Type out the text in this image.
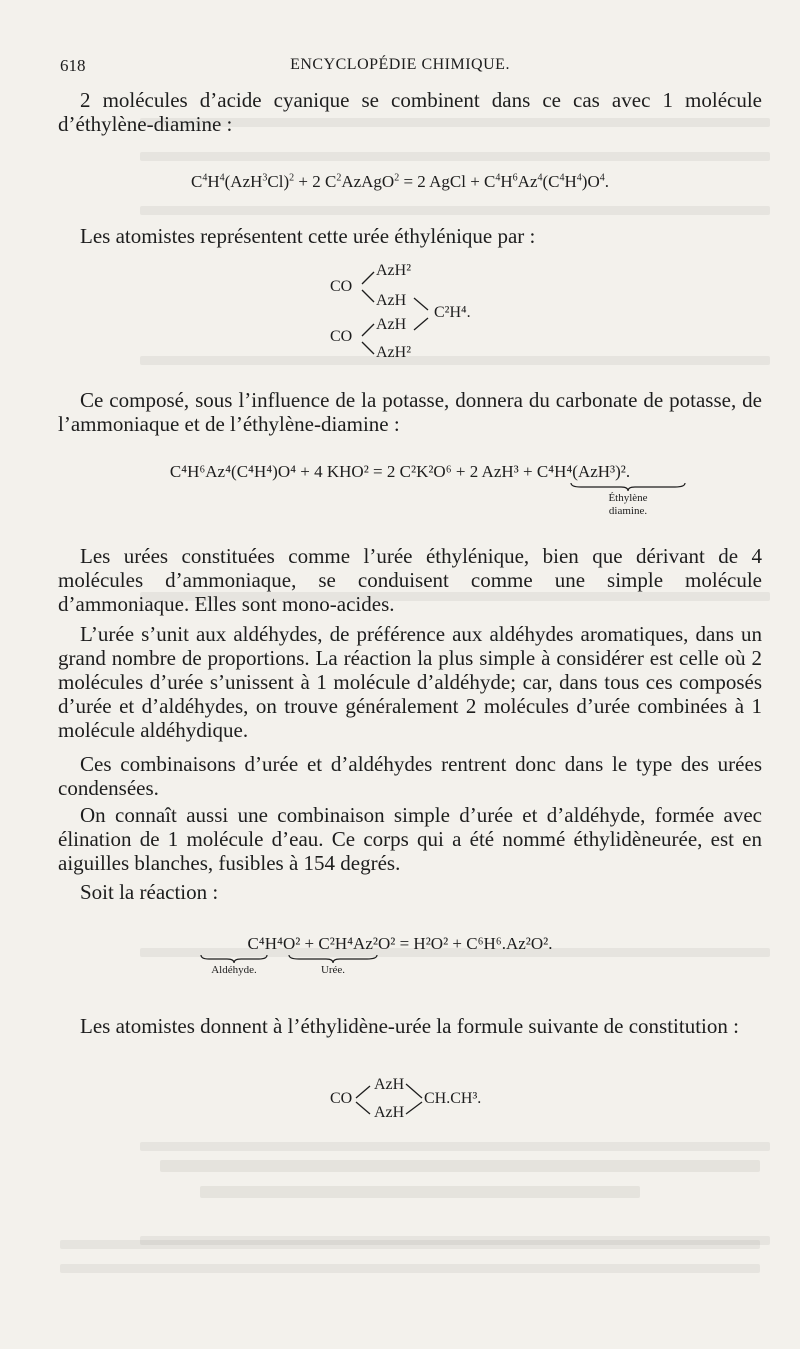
618	ENCYCLOPÉDIE CHIMIQUE.
2 molécules d’acide cyanique se combinent dans ce cas avec 1 molécule d’éthylène-diamine :
$C^4H^4(AzH^3Cl)^2 + 2$ $C^2AzAgO^2 = 2$ AgCl + $C^4H^6Az^4(C^4H^4)O^4$.
Les atomistes représentent cette urée éthylénique par :
CO
CO
AzH²
AzH
AzH
AzH²
C²H⁴.
Ce composé, sous l’influence de la potasse, donnera du carbonate de potasse, de l’ammoniaque et de l’éthylène-diamine :
C⁴H⁶Az⁴(C⁴H⁴)O⁴ + 4 KHO² = 2 C²K²O⁶ + 2 AzH³ + C⁴H⁴(AzH³)².
Éthylène
diamine.
Les urées constituées comme l’urée éthylénique, bien que dérivant de 4 molécules d’ammoniaque, se conduisent comme une simple molécule d’ammoniaque. Elles sont mono-acides.
L’urée s’unit aux aldéhydes, de préférence aux aldéhydes aromatiques, dans un grand nombre de proportions. La réaction la plus simple à considérer est celle où 2 molécules d’urée s’unissent à 1 molécule d’aldéhyde; car, dans tous ces composés d’urée et d’aldéhydes, on trouve généralement 2 molécules d’urée combinées à 1 molécule aldéhydique.
Ces combinaisons d’urée et d’aldéhydes rentrent donc dans le type des urées condensées.
On connaît aussi une combinaison simple d’urée et d’aldéhyde, formée avec élination de 1 molécule d’eau. Ce corps qui a été nommé éthylidèneurée, est en aiguilles blanches, fusibles à 154 degrés.
Soit la réaction :
C⁴H⁴O² + C²H⁴Az²O² = H²O² + C⁶H⁶.Az²O².
Aldéhyde.	Urée.
Les atomistes donnent à l’éthylidène-urée la formule suivante de constitution :
CO
AzH
AzH
CH.CH³.
